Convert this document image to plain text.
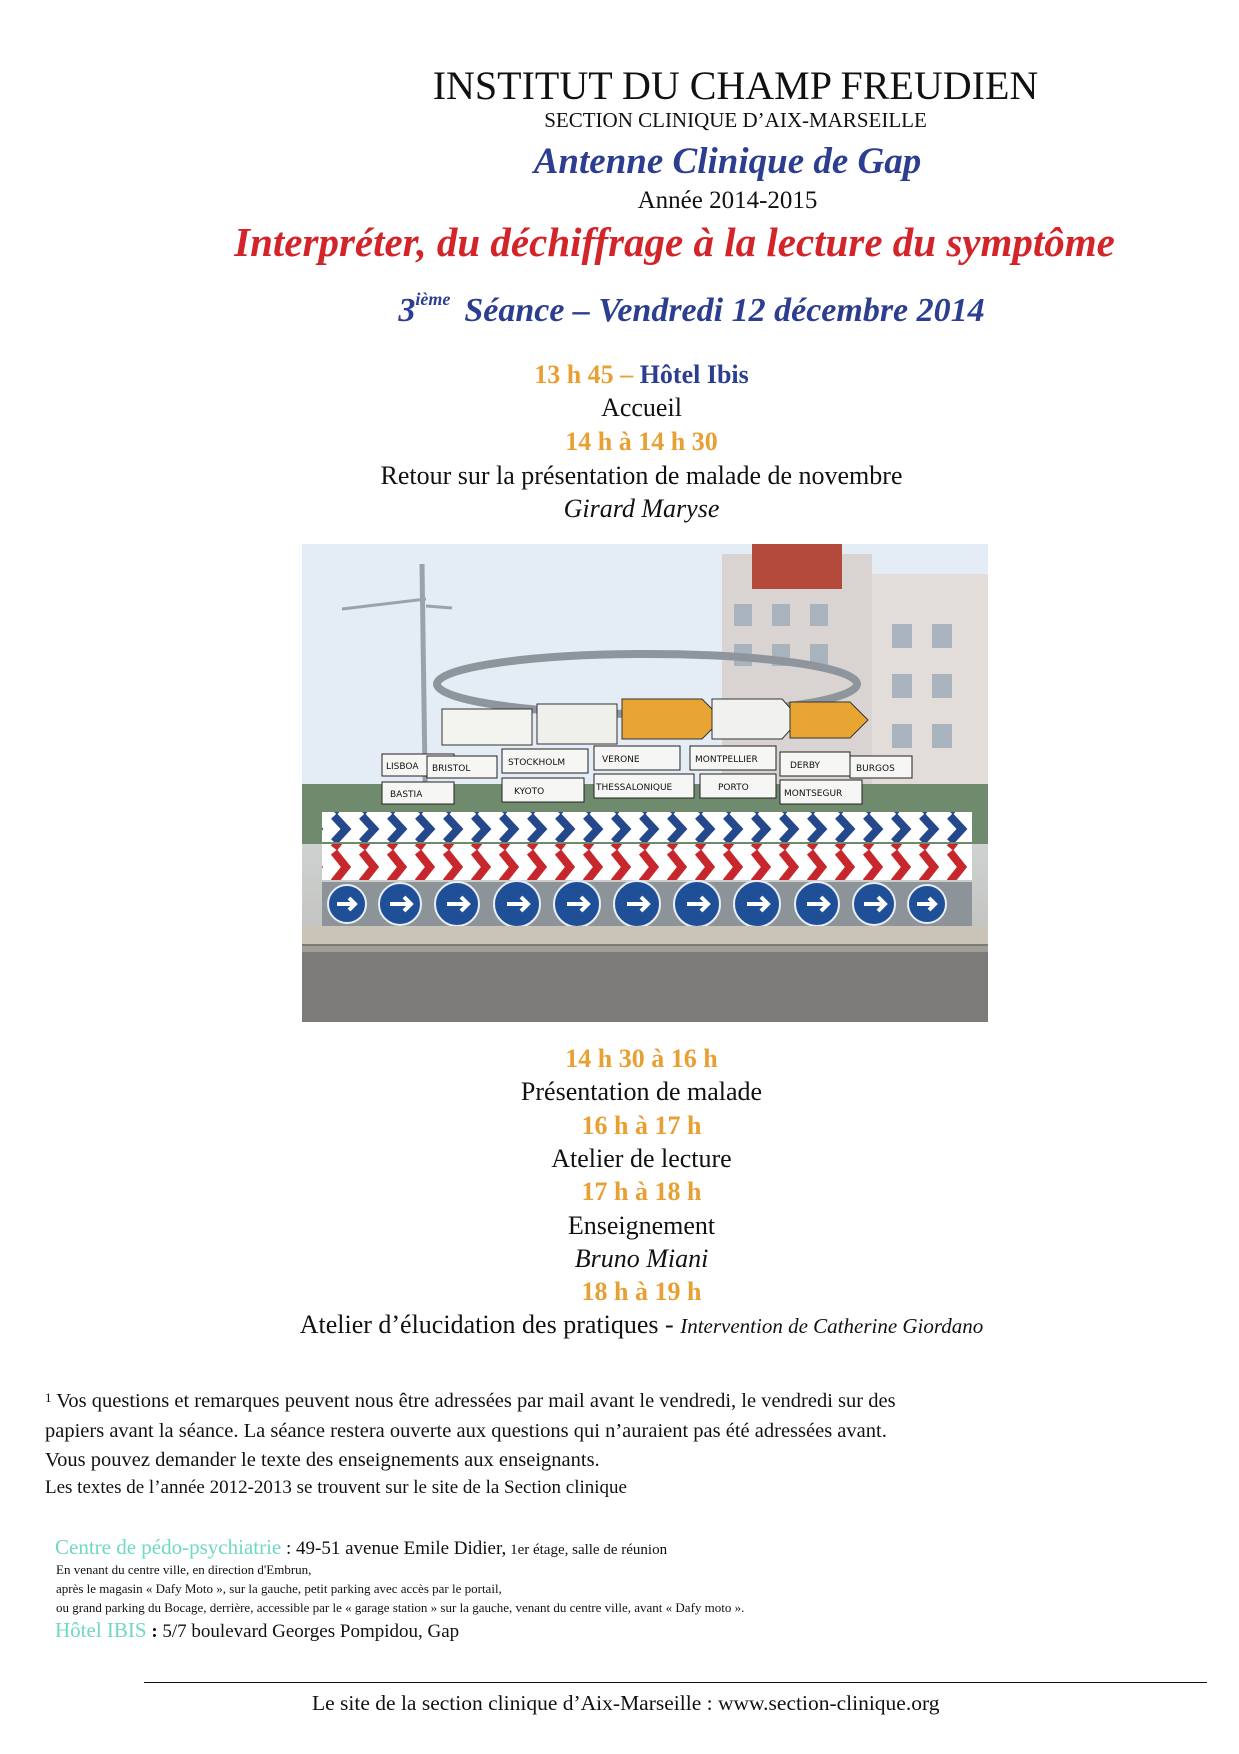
INSTITUT DU CHAMP FREUDIEN
SECTION CLINIQUE D’AIX-MARSEILLE
Antenne Clinique de Gap
Année 2014-2015
Interpréter, du déchiffrage à la lecture du symptôme
3ième Séance – Vendredi 12 décembre 2014
13 h 45 – Hôtel Ibis
Accueil
14 h à 14 h 30
Retour sur la présentation de malade de novembre
Girard Maryse
LISBOA BRISTOL
STOCKHOLM	VERONE	MONTPELLIER
DERBY	BURGOS
BASTIA	KYOTO	THESSALONIQUE	PORTO
MONTSEGUR
14 h 30 à 16 h
Présentation de malade
16 h à 17 h
Atelier de lecture
17 h à 18 h
Enseignement
Bruno Miani
18 h à 19 h
Atelier d’élucidation des pratiques - Intervention de Catherine Giordano
$^1$ Vos questions et remarques peuvent nous être adressées par mail avant le vendredi, le vendredi sur des
papiers avant la séance. La séance restera ouverte aux questions qui n’auraient pas été adressées avant.
Vous pouvez demander le texte des enseignements aux enseignants.
Les textes de l’année 2012-2013 se trouvent sur le site de la Section clinique
Centre de pédo-psychiatrie : 49-51 avenue Emile Didier, 1er étage, salle de réunion
En venant du centre ville, en direction d'Embrun,
après le magasin « Dafy Moto », sur la gauche, petit parking avec accès par le portail,
ou grand parking du Bocage, derrière, accessible par le « garage station » sur la gauche, venant du centre ville, avant « Dafy moto ».
Hôtel IBIS : 5/7 boulevard Georges Pompidou, Gap
Le site de la section clinique d’Aix-Marseille : www.section-clinique.org
